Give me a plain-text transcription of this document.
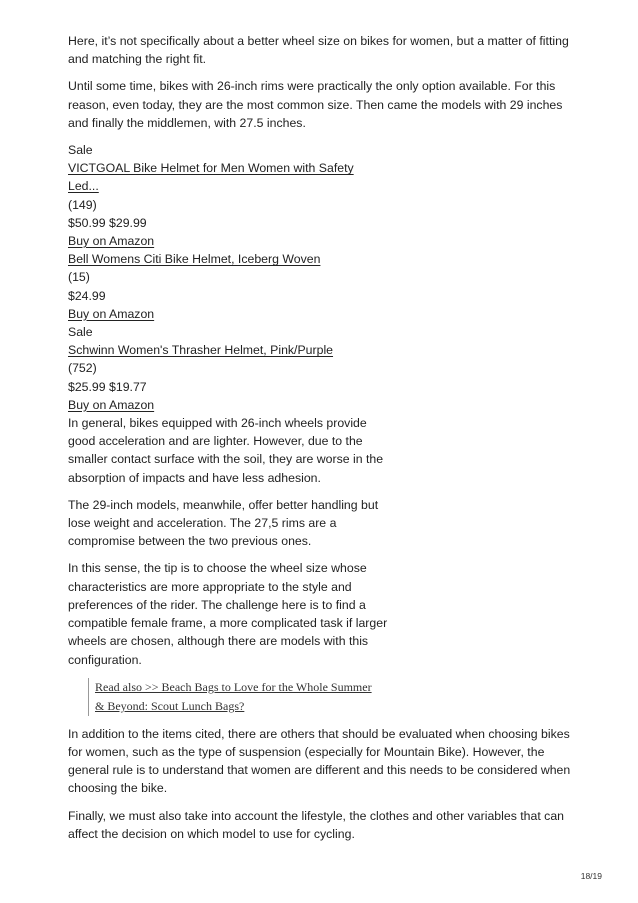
Here, it’s not specifically about a better wheel size on bikes for women, but a matter of fitting and matching the right fit.

Until some time, bikes with 26-inch rims were practically the only option available. For this reason, even today, they are the most common size. Then came the models with 29 inches and finally the middlemen, with 27.5 inches.

Sale
VICTGOAL Bike Helmet for Men Women with Safety
Led...
(149)
$50.99 $29.99
Buy on Amazon
Bell Womens Citi Bike Helmet, Iceberg Woven
(15)
$24.99
Buy on Amazon
Sale
Schwinn Women's Thrasher Helmet, Pink/Purple
(752)
$25.99 $19.77
Buy on Amazon

In general, bikes equipped with 26-inch wheels provide good acceleration and are lighter. However, due to the smaller contact surface with the soil, they are worse in the absorption of impacts and have less adhesion.

The 29-inch models, meanwhile, offer better handling but lose weight and acceleration. The 27,5 rims are a compromise between the two previous ones.

In this sense, the tip is to choose the wheel size whose characteristics are more appropriate to the style and preferences of the rider. The challenge here is to find a compatible female frame, a more complicated task if larger wheels are chosen, although there are models with this configuration.

Read also >> Beach Bags to Love for the Whole Summer
& Beyond: Scout Lunch Bags?

In addition to the items cited, there are others that should be evaluated when choosing bikes for women, such as the type of suspension (especially for Mountain Bike). However, the general rule is to understand that women are different and this needs to be considered when choosing the bike.

Finally, we must also take into account the lifestyle, the clothes and other variables that can affect the decision on which model to use for cycling.

18/19
